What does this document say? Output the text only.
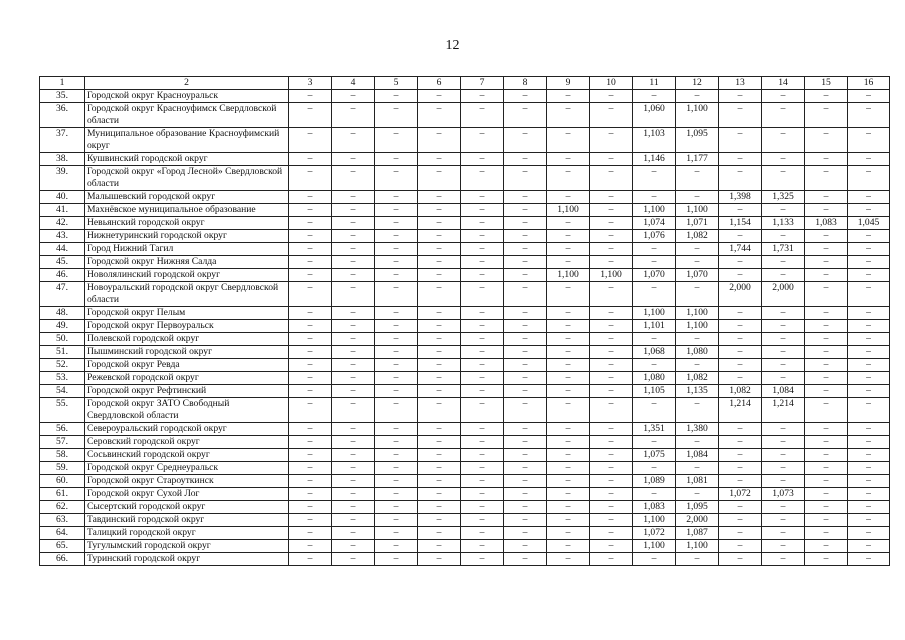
12
1	2	3	4	5	6	7	8	9	10	11	12	13	14	15	16
35.	Городской округ Красноуральск	–	–	–	–	–	–	–	–	–	–	–	–	–	–
36.	Городской округ Красноуфимск Свердловской области	–	–	–	–	–	–	–	–	1,060	1,100	–	–	–	–
37.	Муниципальное образование Красноуфимский округ	–	–	–	–	–	–	–	–	1,103	1,095	–	–	–	–
38.	Кушвинский городской округ	–	–	–	–	–	–	–	–	1,146	1,177	–	–	–	–
39.	Городской округ «Город Лесной» Свердловской области	–	–	–	–	–	–	–	–	–	–	–	–	–	–
40.	Малышевский городской округ	–	–	–	–	–	–	–	–	–	–	1,398	1,325	–	–
41.	Махнёвское муниципальное образование	–	–	–	–	–	–	1,100	–	1,100	1,100	–	–	–	–
42.	Невьянский городской округ	–	–	–	–	–	–	–	–	1,074	1,071	1,154	1,133	1,083	1,045
43.	Нижнетуринский городской округ	–	–	–	–	–	–	–	–	1,076	1,082	–	–	–	–
44.	Город Нижний Тагил	–	–	–	–	–	–	–	–	–	–	1,744	1,731	–	–
45.	Городской округ Нижняя Салда	–	–	–	–	–	–	–	–	–	–	–	–	–	–
46.	Новолялинский городской округ	–	–	–	–	–	–	1,100	1,100	1,070	1,070	–	–	–	–
47.	Новоуральский городской округ Свердловской области	–	–	–	–	–	–	–	–	–	–	2,000	2,000	–	–
48.	Городской округ Пелым	–	–	–	–	–	–	–	–	1,100	1,100	–	–	–	–
49.	Городской округ Первоуральск	–	–	–	–	–	–	–	–	1,101	1,100	–	–	–	–
50.	Полевской городской округ	–	–	–	–	–	–	–	–	–	–	–	–	–	–
51.	Пышминский городской округ	–	–	–	–	–	–	–	–	1,068	1,080	–	–	–	–
52.	Городской округ Ревда	–	–	–	–	–	–	–	–	–	–	–	–	–	–
53.	Режевской городской округ	–	–	–	–	–	–	–	–	1,080	1,082	–	–	–	–
54.	Городской округ Рефтинский	–	–	–	–	–	–	–	–	1,105	1,135	1,082	1,084	–	–
55.	Городской округ ЗАТО Свободный Свердловской области	–	–	–	–	–	–	–	–	–	–	1,214	1,214	–	–
56.	Североуральский городской округ	–	–	–	–	–	–	–	–	1,351	1,380	–	–	–	–
57.	Серовский городской округ	–	–	–	–	–	–	–	–	–	–	–	–	–	–
58.	Сосьвинский городской округ	–	–	–	–	–	–	–	–	1,075	1,084	–	–	–	–
59.	Городской округ Среднеуральск	–	–	–	–	–	–	–	–	–	–	–	–	–	–
60.	Городской округ Староуткинск	–	–	–	–	–	–	–	–	1,089	1,081	–	–	–	–
61.	Городской округ Сухой Лог	–	–	–	–	–	–	–	–	–	–	1,072	1,073	–	–
62.	Сысертский городской округ	–	–	–	–	–	–	–	–	1,083	1,095	–	–	–	–
63.	Тавдинский городской округ	–	–	–	–	–	–	–	–	1,100	2,000	–	–	–	–
64.	Талицкий городской округ	–	–	–	–	–	–	–	–	1,072	1,087	–	–	–	–
65.	Тугулымский городской округ	–	–	–	–	–	–	–	–	1,100	1,100	–	–	–	–
66.	Туринский городской округ	–	–	–	–	–	–	–	–	–	–	–	–	–	–
